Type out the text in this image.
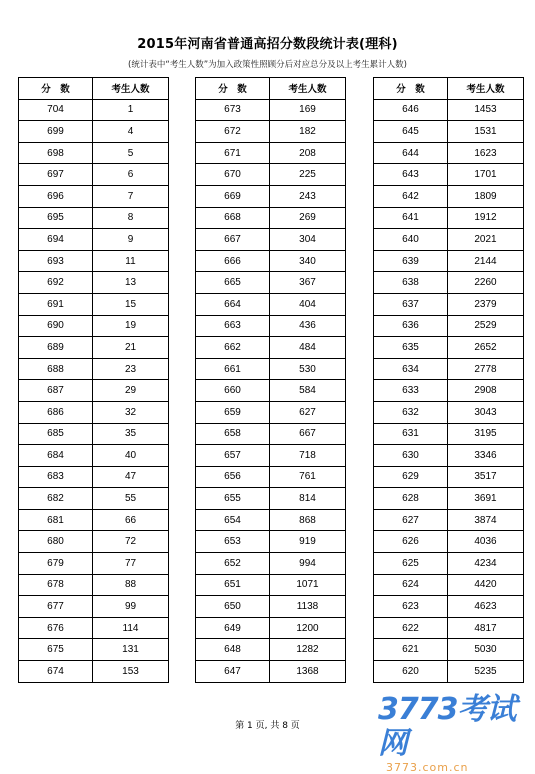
2015年河南省普通高招分数段统计表(理科)
(统计表中“考生人数”为加入政策性照顾分后对应总分及以上考生累计人数)
分　数	考生人数
704	1
699	4
698	5
697	6
696	7
695	8
694	9
693	11
692	13
691	15
690	19
689	21
688	23
687	29
686	32
685	35
684	40
683	47
682	55
681	66
680	72
679	77
678	88
677	99
676	114
675	131
674	153
分　数	考生人数
673	169
672	182
671	208
670	225
669	243
668	269
667	304
666	340
665	367
664	404
663	436
662	484
661	530
660	584
659	627
658	667
657	718
656	761
655	814
654	868
653	919
652	994
651	1071
650	1138
649	1200
648	1282
647	1368
分　数	考生人数
646	1453
645	1531
644	1623
643	1701
642	1809
641	1912
640	2021
639	2144
638	2260
637	2379
636	2529
635	2652
634	2778
633	2908
632	3043
631	3195
630	3346
629	3517
628	3691
627	3874
626	4036
625	4234
624	4420
623	4623
622	4817
621	5030
620	5235
第 1 页, 共 8 页	3773考试网
3773.com.cn
